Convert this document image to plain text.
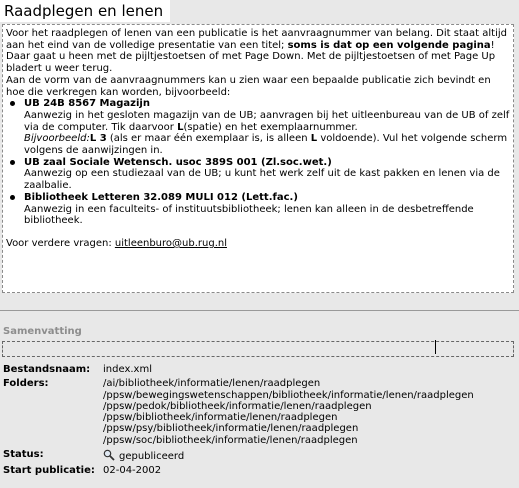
Raadplegen en lenen

Voor het raadplegen of lenen van een publicatie is het aanvraagnummer van belang. Dit staat altijd aan het eind van de volledige presentatie van een titel; soms is dat op een volgende pagina! Daar gaat u heen met de pijltjestoetsen of met Page Down. Met de pijltjestoetsen of met Page Up bladert u weer terug.

Aan de vorm van de aanvraagnummers kan u zien waar een bepaalde publicatie zich bevindt en hoe die verkregen kan worden, bijvoorbeeld:

UB 24B 8567 Magazijn
Aanwezig in het gesloten magazijn van de UB; aanvragen bij het uitleenbureau van de UB of zelf via de computer. Tik daarvoor L(spatie) en het exemplaarnummer.
Bijvoorbeeld:L 3 (als er maar één exemplaar is, is alleen L voldoende). Vul het volgende scherm volgens de aanwijzingen in.
UB zaal Sociale Wetensch. usoc 389S 001 (Zl.soc.wet.)
Aanwezig op een studiezaal van de UB; u kunt het werk zelf uit de kast pakken en lenen via de zaalbalie.
Bibliotheek Letteren 32.089 MULI 012 (Lett.fac.)
Aanwezig in een faculteits- of instituutsbibliotheek; lenen kan alleen in de desbetreffende bibliotheek.

Voor verdere vragen: uitleenburo@ub.rug.nl

Samenvatting
Bestandsnaam:	index.xml
Folders:	/ai/bibliotheek/informatie/lenen/raadplegen
/ppsw/bewegingswetenschappen/bibliotheek/informatie/lenen/raadplegen
/ppsw/pedok/bibliotheek/informatie/lenen/raadplegen
/ppsw/bibliotheek/informatie/lenen/raadplegen
/ppsw/psy/bibliotheek/informatie/lenen/raadplegen
/ppsw/soc/bibliotheek/informatie/lenen/raadplegen
Status:	gepubliceerd
Start publicatie: 02-04-2002
